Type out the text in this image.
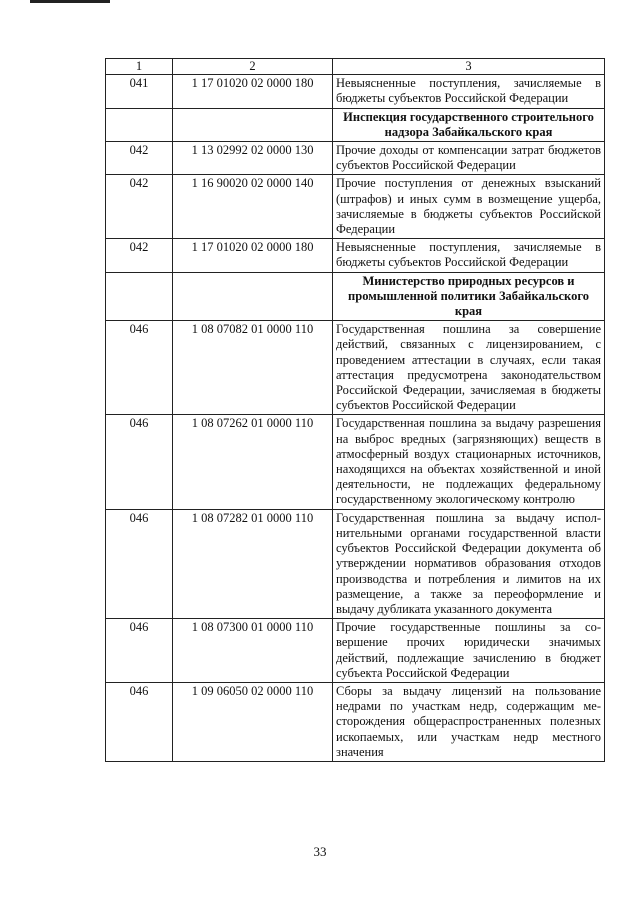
1	2	3
041	1 17 01020 02 0000 180	Невыясненные поступления, зачисляемые в бюджеты субъектов Российской Федерации
		Инспекция государственного строительного надзора Забайкальского края
042	1 13 02992 02 0000 130	Прочие доходы от компенсации затрат бюджетов субъектов Российской Федерации
042	1 16 90020 02 0000 140	Прочие поступления от денежных взысканий (штрафов) и иных сумм в возмещение ущерба, зачисляемые в бюджеты субъектов Российской Федерации
042	1 17 01020 02 0000 180	Невыясненные поступления, зачисляемые в бюджеты субъектов Российской Федерации
		Министерство природных ресурсов и промышленной политики Забайкальского края
046	1 08 07082 01 0000 110	Государственная пошлина за совершение действий, связанных с лицензированием, с проведением аттестации в случаях, если такая аттестация предусмотрена законодательством Российской Федерации, зачисляемая в бюджеты субъектов Российской Федерации
046	1 08 07262 01 0000 110	Государственная пошлина за выдачу разрешения на выброс вредных (загрязняющих) веществ в атмосферный воздух стационарных источников, находящихся на объектах хозяйственной и иной деятельности, не подлежащих федеральному государственному экологическому контролю
046	1 08 07282 01 0000 110	Государственная пошлина за выдачу исполнительными органами государственной власти субъектов Российской Федерации документа об утверждении нормативов образования отходов производства и потребления и лимитов на их размещение, а также за переоформление и выдачу дубликата указанного документа
046	1 08 07300 01 0000 110	Прочие государственные пошлины за совершение прочих юридически значимых действий, подлежащие зачислению в бюджет субъекта Российской Федерации
046	1 09 06050 02 0000 110	Сборы за выдачу лицензий на пользование недрами по участкам недр, содержащим месторождения общераспространенных полезных ископаемых, или участкам недр местного значения
33
